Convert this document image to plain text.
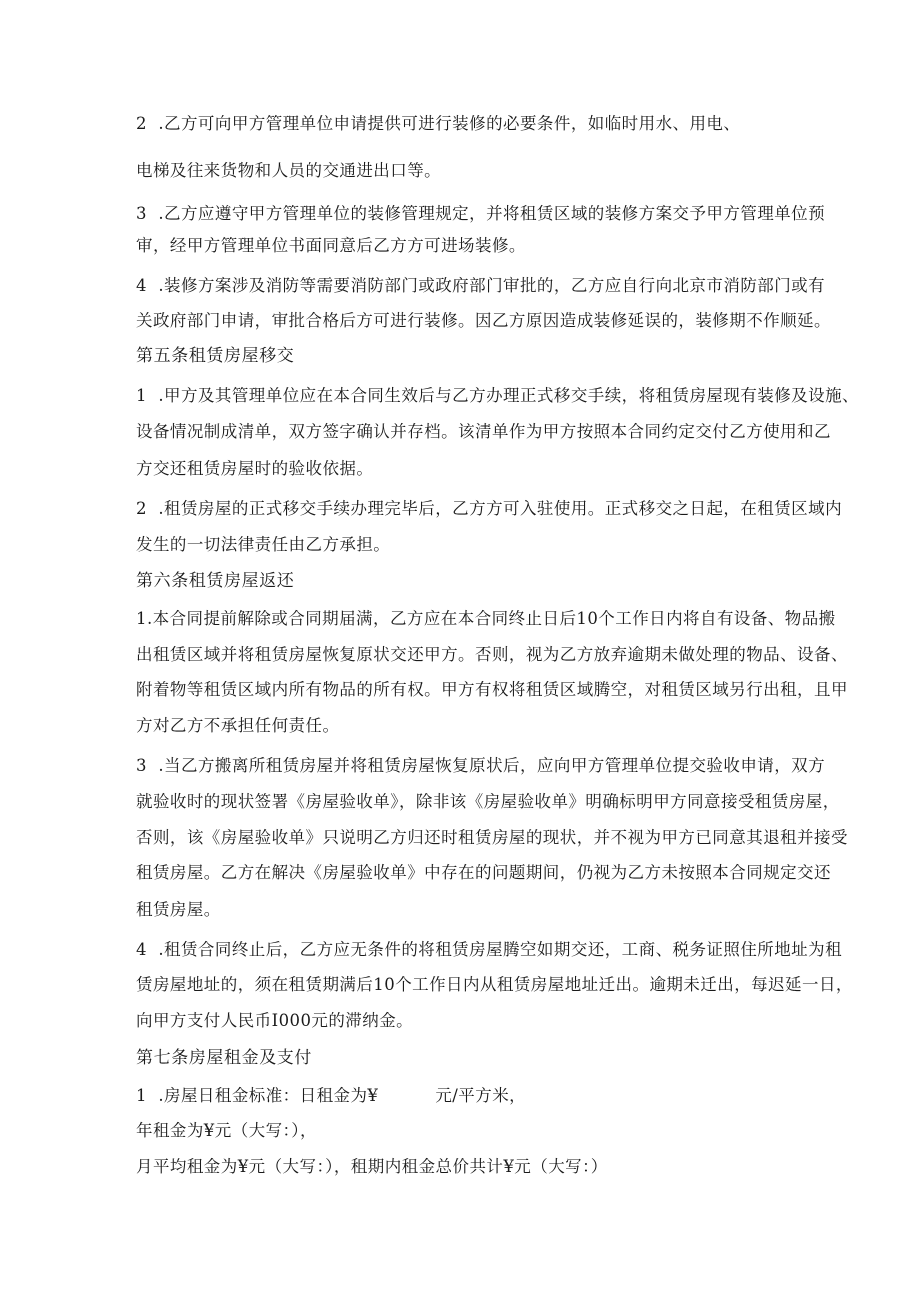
2  .乙方可向甲方管理单位申请提供可进行装修的必要条件，如临时用水、用电、
电梯及往来货物和人员的交通进出口等。
3  .乙方应遵守甲方管理单位的装修管理规定，并将租赁区域的装修方案交予甲方管理单位预
审，经甲方管理单位书面同意后乙方方可进场装修。
4  .装修方案涉及消防等需要消防部门或政府部门审批的，乙方应自行向北京市消防部门或有
关政府部门申请，审批合格后方可进行装修。因乙方原因造成装修延误的，装修期不作顺延。
第五条租赁房屋移交
1  .甲方及其管理单位应在本合同生效后与乙方办理正式移交手续，将租赁房屋现有装修及设施、
设备情况制成清单，双方签字确认并存档。该清单作为甲方按照本合同约定交付乙方使用和乙
方交还租赁房屋时的验收依据。
2  .租赁房屋的正式移交手续办理完毕后，乙方方可入驻使用。正式移交之日起，在租赁区域内
发生的一切法律责任由乙方承担。
第六条租赁房屋返还
1.本合同提前解除或合同期届满，乙方应在本合同终止日后10个工作日内将自有设备、物品搬
出租赁区域并将租赁房屋恢复原状交还甲方。否则，视为乙方放弃逾期未做处理的物品、设备、
附着物等租赁区域内所有物品的所有权。甲方有权将租赁区域腾空，对租赁区域另行出租，且甲
方对乙方不承担任何责任。
3  .当乙方搬离所租赁房屋并将租赁房屋恢复原状后，应向甲方管理单位提交验收申请，双方
就验收时的现状签署《房屋验收单》，除非该《房屋验收单》明确标明甲方同意接受租赁房屋，
否则，该《房屋验收单》只说明乙方归还时租赁房屋的现状，并不视为甲方已同意其退租并接受
租赁房屋。乙方在解决《房屋验收单》中存在的问题期间，仍视为乙方未按照本合同规定交还
租赁房屋。
4  .租赁合同终止后，乙方应无条件的将租赁房屋腾空如期交还，工商、税务证照住所地址为租
赁房屋地址的，须在租赁期满后10个工作日内从租赁房屋地址迁出。逾期未迁出，每迟延一日，
向甲方支付人民币I000元的滞纳金。
第七条房屋租金及支付
1  .房屋日租金标准：日租金为¥          元/平方米，
年租金为¥元（大写：），
月平均租金为¥元（大写：），租期内租金总价共计¥元（大写：）
